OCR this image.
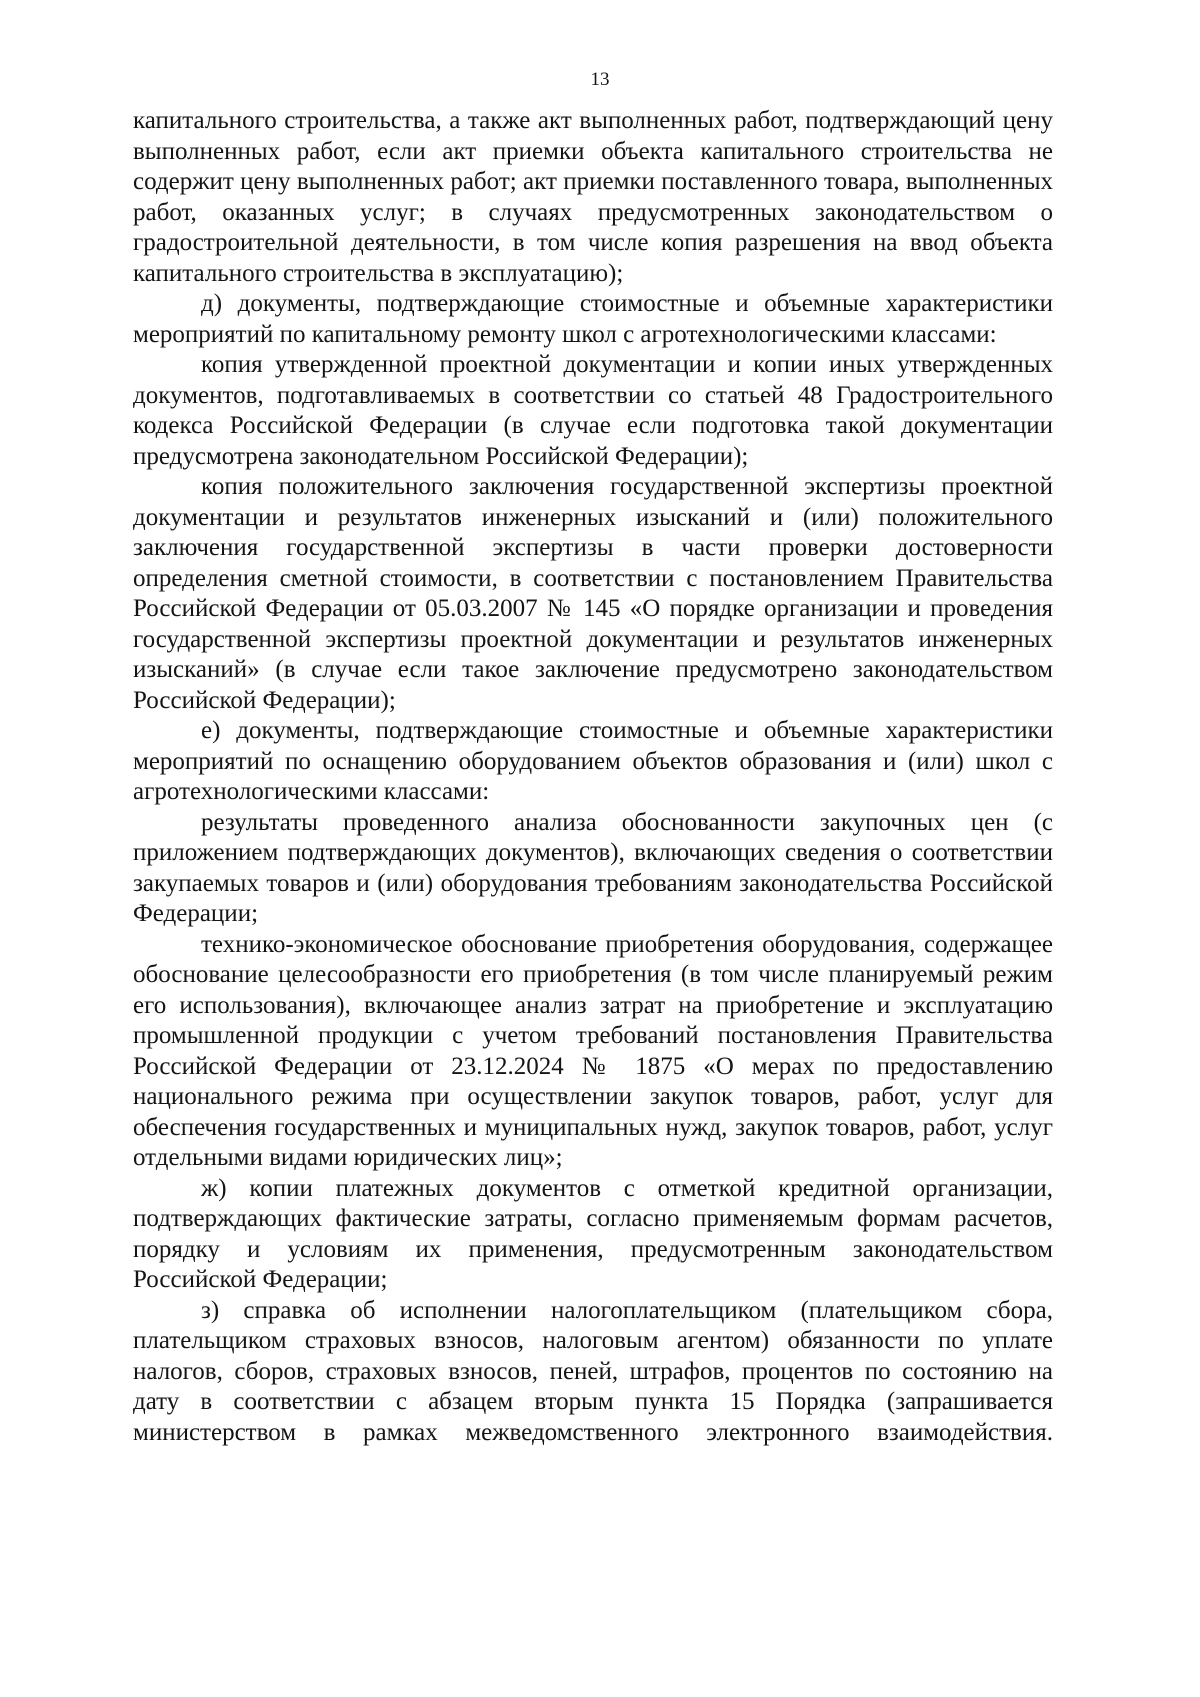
13

капитального строительства, а также акт выполненных работ, подтверждающий цену выполненных работ, если акт приемки объекта капитального строительства не содержит цену выполненных работ; акт приемки поставленного товара, выполненных работ, оказанных услуг; в случаях предусмотренных законодательством о градостроительной деятельности, в том числе копия разрешения на ввод объекта капитального строительства в эксплуатацию);

д) документы, подтверждающие стоимостные и объемные характеристики мероприятий по капитальному ремонту школ с агротехнологическими классами:

копия утвержденной проектной документации и копии иных утвержденных документов, подготавливаемых в соответствии со статьей 48 Градостроительного кодекса Российской Федерации (в случае если подготовка такой документации предусмотрена законодательном Российской Федерации);

копия положительного заключения государственной экспертизы проектной документации и результатов инженерных изысканий и (или) положительного заключения государственной экспертизы в части проверки достоверности определения сметной стоимости, в соответствии с постановлением Правительства Российской Федерации от 05.03.2007 № 145 «О порядке организации и проведения государственной экспертизы проектной документации и результатов инженерных изысканий» (в случае если такое заключение предусмотрено законодательством Российской Федерации);

е) документы, подтверждающие стоимостные и объемные характеристики мероприятий по оснащению оборудованием объектов образования и (или) школ с агротехнологическими классами:

результаты проведенного анализа обоснованности закупочных цен (с приложением подтверждающих документов), включающих сведения о соответствии закупаемых товаров и (или) оборудования требованиям законодательства Российской Федерации;

технико-экономическое обоснование приобретения оборудования, содержащее обоснование целесообразности его приобретения (в том числе планируемый режим его использования), включающее анализ затрат на приобретение и эксплуатацию промышленной продукции с учетом требований постановления Правительства Российской Федерации от 23.12.2024 № 1875 «О мерах по предоставлению национального режима при осуществлении закупок товаров, работ, услуг для обеспечения государственных и муниципальных нужд, закупок товаров, работ, услуг отдельными видами юридических лиц»;

ж) копии платежных документов с отметкой кредитной организации, подтверждающих фактические затраты, согласно применяемым формам расчетов, порядку и условиям их применения, предусмотренным законодательством Российской Федерации;

з) справка об исполнении налогоплательщиком (плательщиком сбора, плательщиком страховых взносов, налоговым агентом) обязанности по уплате налогов, сборов, страховых взносов, пеней, штрафов, процентов по состоянию на дату в соответствии с абзацем вторым пункта 15 Порядка (запрашивается министерством в рамках межведомственного электронного взаимодействия.
